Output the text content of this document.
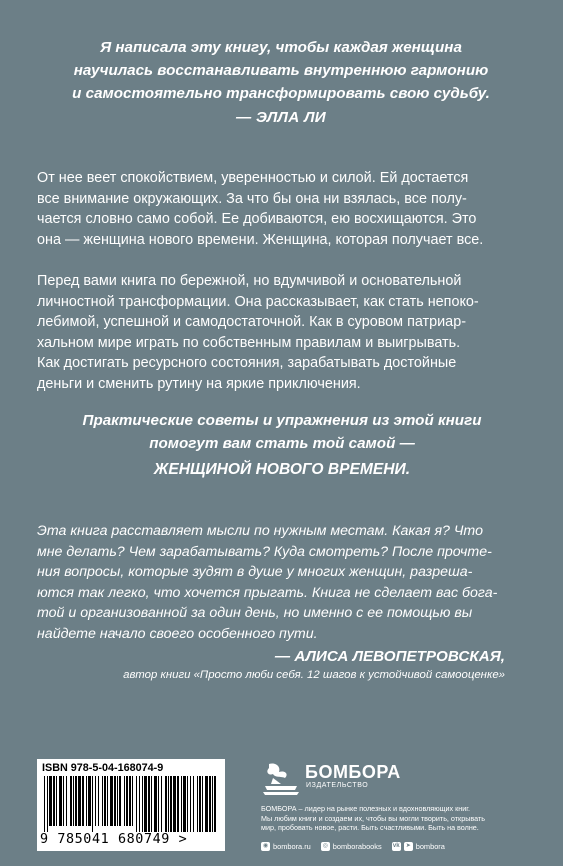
Я написала эту книгу, чтобы каждая женщина
научилась восстанавливать внутреннюю гармонию
и самостоятельно трансформировать свою судьбу.
— ЭЛЛА ЛИ
От нее веет спокойствием, уверенностью и силой. Ей достается
все внимание окружающих. За что бы она ни взялась, все полу-
чается словно само собой. Ее добиваются, ею восхищаются. Это
она — женщина нового времени. Женщина, которая получает все.
Перед вами книга по бережной, но вдумчивой и основательной
личностной трансформации. Она рассказывает, как стать непоко-
лебимой, успешной и самодостаточной. Как в суровом патриар-
хальном мире играть по собственным правилам и выигрывать.
Как достигать ресурсного состояния, зарабатывать достойные
деньги и сменить рутину на яркие приключения.
Практические советы и упражнения из этой книги
помогут вам стать той самой —
ЖЕНЩИНОЙ НОВОГО ВРЕМЕНИ.
Эта книга расставляет мысли по нужным местам. Какая я? Что
мне делать? Чем зарабатывать? Куда смотреть? После прочте-
ния вопросы, которые зудят в душе у многих женщин, разреша-
ются так легко, что хочется прыгать. Книга не сделает вас бога-
той и организованной за один день, но именно с ее помощью вы
найдете начало своего особенного пути.
— АЛИСА ЛЕВОПЕТРОВСКАЯ,
автор книги «Просто люби себя. 12 шагов к устойчивой самооценке»
ISBN 978-5-04-168074-9
9 785041 680749 >
БОМБОРА
ИЗДАТЕЛЬСТВО
БОМБОРА – лидер на рынке полезных и вдохновляющих книг.
Мы любим книги и создаем их, чтобы вы могли творить, открывать
мир, пробовать новое, расти. Быть счастливыми. Быть на волне.
◉ bombora.ru	◎ bomborabooks vk	➤ bombora
